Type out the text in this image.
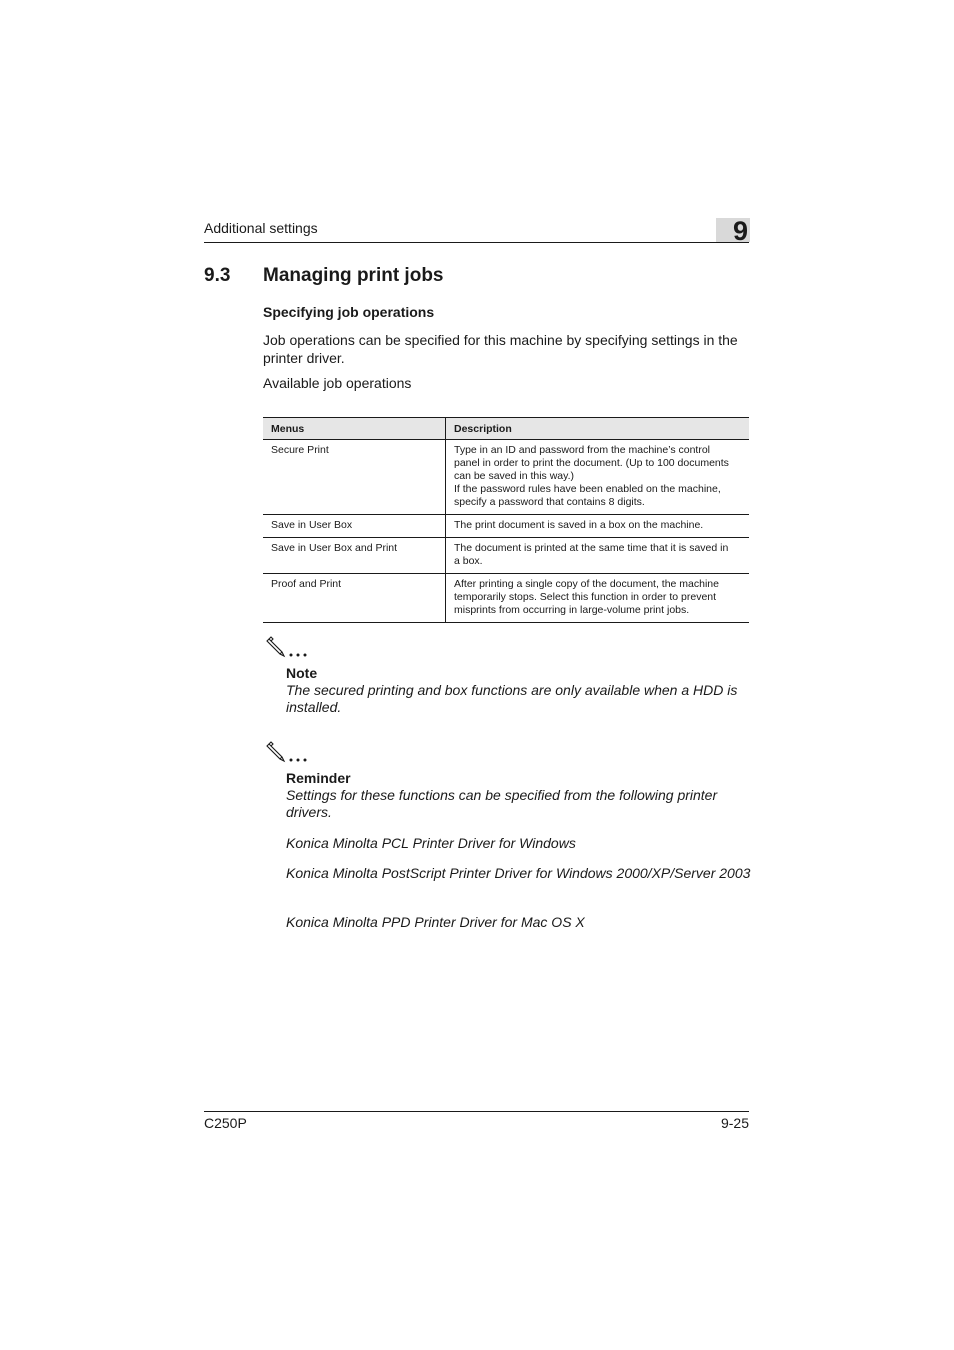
Additional settings	9
9.3 Managing print jobs
Specifying job operations
Job operations can be specified for this machine by specifying settings in the printer driver.
Available job operations
Menus	Description
Secure Print	Type in an ID and password from the machine’s control
panel in order to print the document. (Up to 100 documents
can be saved in this way.)
If the password rules have been enabled on the machine,
specify a password that contains 8 digits.

Save in User Box	The print document is saved in a box on the machine.

Save in User Box and Print	The document is printed at the same time that it is saved in
a box.

Proof and Print	After printing a single copy of the document, the machine
temporarily stops. Select this function in order to prevent
misprints from occurring in large-volume print jobs.
Note
The secured printing and box functions are only available when a HDD is installed.
Reminder
Settings for these functions can be specified from the following printer drivers.
Konica Minolta PCL Printer Driver for Windows
Konica Minolta PostScript Printer Driver for Windows 2000/XP/Server 2003
Konica Minolta PPD Printer Driver for Mac OS X
C250P	9-25
